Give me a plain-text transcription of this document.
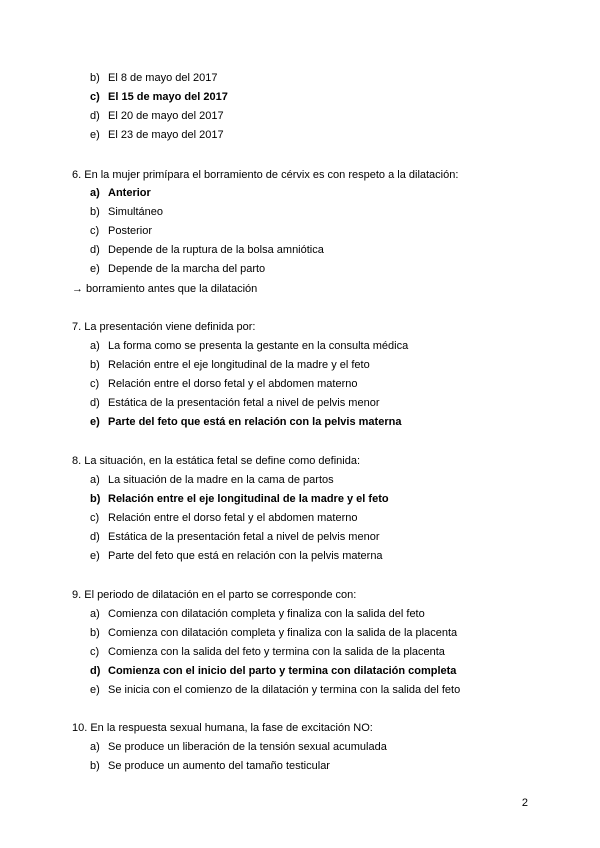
b) El 8 de mayo del 2017
c) El 15 de mayo del 2017
d) El 20 de mayo del 2017
e) El 23 de mayo del 2017
6. En la mujer primípara el borramiento de cérvix es con respeto a la dilatación:
a) Anterior
b) Simultáneo
c) Posterior
d) Depende de la ruptura de la bolsa amniótica
e) Depende de la marcha del parto
→ borramiento antes que la dilatación
7. La presentación viene definida por:
a) La forma como se presenta la gestante en la consulta médica
b) Relación entre el eje longitudinal de la madre y el feto
c) Relación entre el dorso fetal y el abdomen materno
d) Estática de la presentación fetal a nivel de pelvis menor
e) Parte del feto que está en relación con la pelvis materna
8. La situación, en la estática fetal se define como definida:
a) La situación de la madre en la cama de partos
b) Relación entre el eje longitudinal de la madre y el feto
c) Relación entre el dorso fetal y el abdomen materno
d) Estática de la presentación fetal a nivel de pelvis menor
e) Parte del feto que está en relación con la pelvis materna
9. El periodo de dilatación en el parto se corresponde con:
a) Comienza con dilatación completa y finaliza con la salida del feto
b) Comienza con dilatación completa y finaliza con la salida de la placenta
c) Comienza con la salida del feto y termina con la salida de la placenta
d) Comienza con el inicio del parto y termina con dilatación completa
e) Se inicia con el comienzo de la dilatación y termina con la salida del feto
10. En la respuesta sexual humana, la fase de excitación NO:
a) Se produce un liberación de la tensión sexual acumulada
b) Se produce un aumento del tamaño testicular
2
